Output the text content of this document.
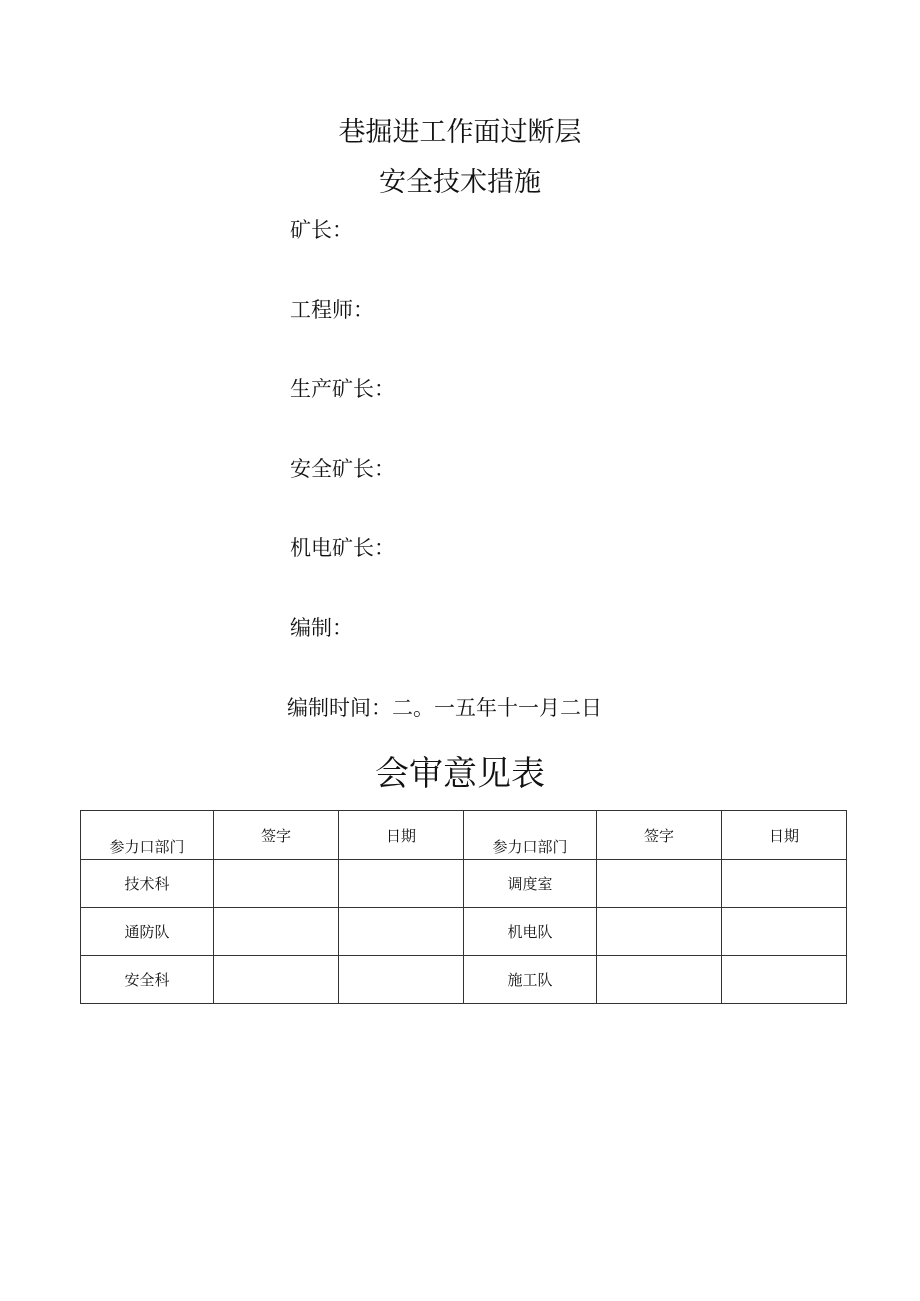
巷掘进工作面过断层
安全技术措施
矿长：
工程师：
生产矿长：
安全矿长：
机电矿长：
编制：
编制时间：二。一五年十一月二日
会审意见表
参力口部门	签字	日期	参力口部门	签字	日期

技术科			调度室		
通防队			机电队		
安全科			施工队		
